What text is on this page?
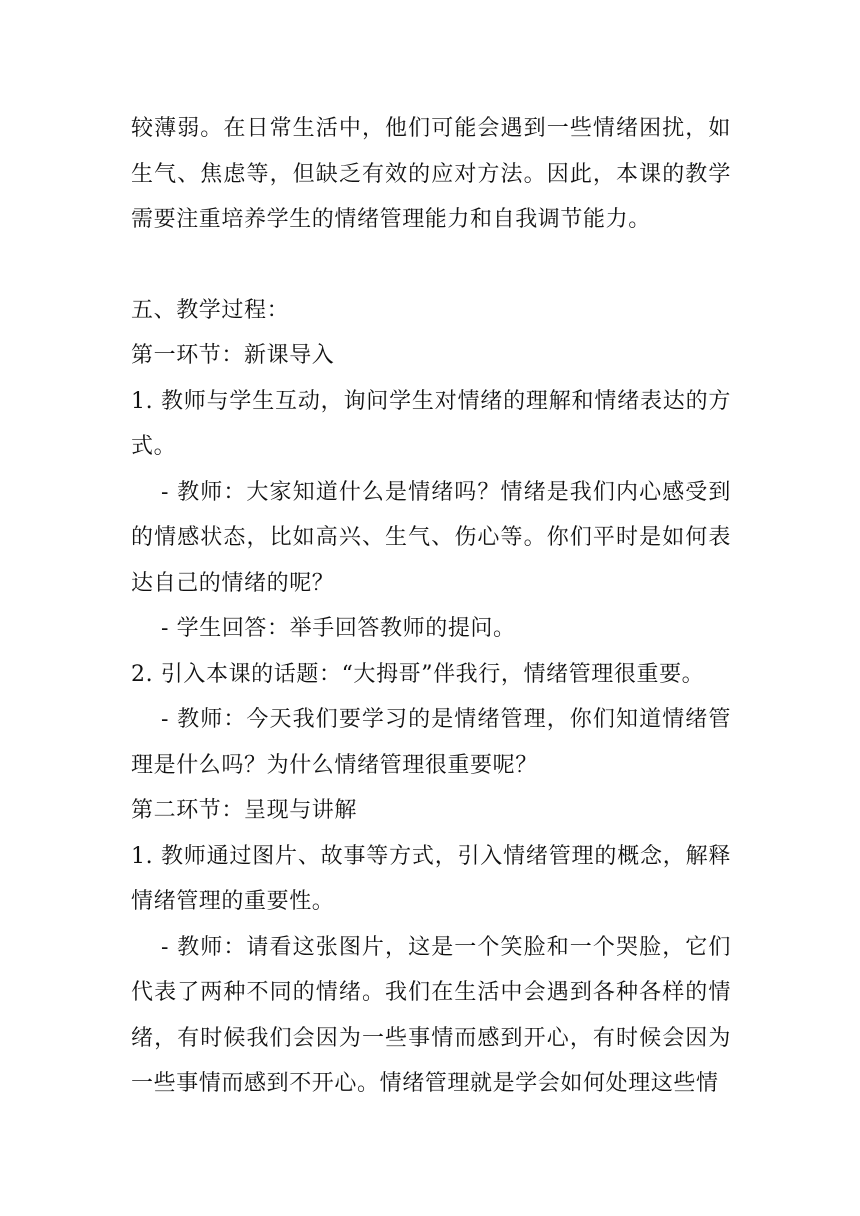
较薄弱。在日常生活中，他们可能会遇到一些情绪困扰，如生气、焦虑等，但缺乏有效的应对方法。因此，本课的教学需要注重培养学生的情绪管理能力和自我调节能力。

五、教学过程：

第一环节：新课导入

1. 教师与学生互动，询问学生对情绪的理解和情绪表达的方式。

- 教师：大家知道什么是情绪吗？情绪是我们内心感受到的情感状态，比如高兴、生气、伤心等。你们平时是如何表达自己的情绪的呢？

- 学生回答：举手回答教师的提问。

2. 引入本课的话题：“大拇哥”伴我行，情绪管理很重要。

- 教师：今天我们要学习的是情绪管理，你们知道情绪管理是什么吗？为什么情绪管理很重要呢？

第二环节：呈现与讲解

1. 教师通过图片、故事等方式，引入情绪管理的概念，解释情绪管理的重要性。

- 教师：请看这张图片，这是一个笑脸和一个哭脸，它们代表了两种不同的情绪。我们在生活中会遇到各种各样的情绪，有时候我们会因为一些事情而感到开心，有时候会因为一些事情而感到不开心。情绪管理就是学会如何处理这些情
